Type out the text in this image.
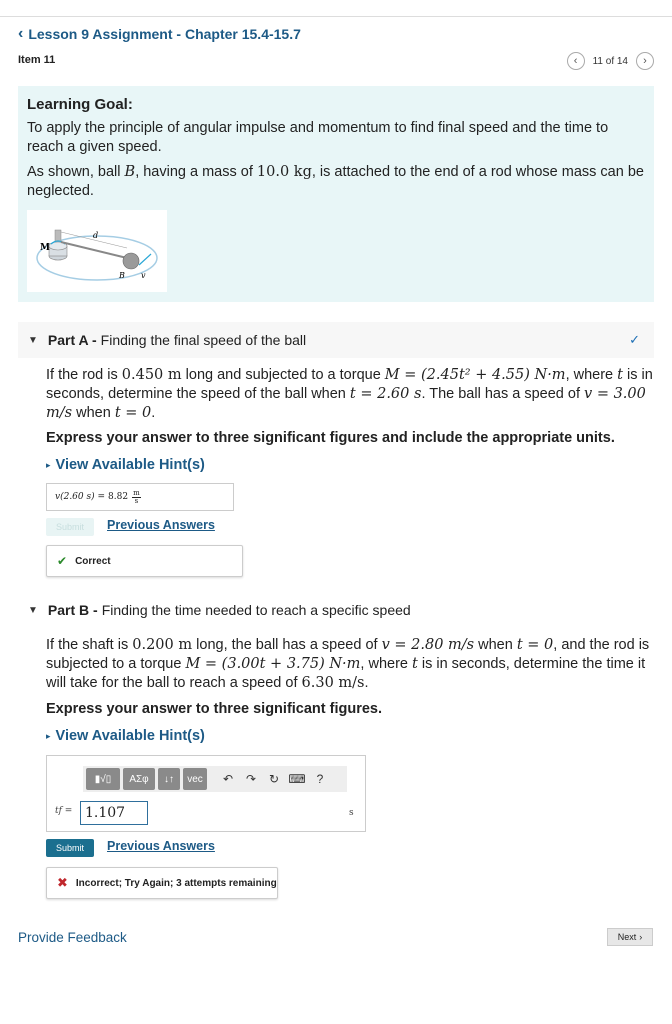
‹ Lesson 9 Assignment - Chapter 15.4-15.7
Item 11	‹	11 of 14	›
Learning Goal:

To apply the principle of angular impulse and momentum to find final speed and the time to reach a given speed.

As shown, ball B, having a mass of 10.0 kg, is attached to the end of a rod whose mass can be neglected.

M
d
B v
▼ Part A - Finding the final speed of the ball	✓
If the rod is 0.450 m long and subjected to a torque M = (2.45t² + 4.55) N·m, where t is in seconds, determine the speed of the ball when t = 2.60 s. The ball has a speed of v = 3.00 m/s when t = 0.
Express your answer to three significant figures and include the appropriate units.
▸ View Available Hint(s)
v(2.60 s) = 8.82 m
s
Submit	Previous Answers
✔ Correct
▼ Part B - Finding the time needed to reach a specific speed
If the shaft is 0.200 m long, the ball has a speed of v = 2.80 m/s when t = 0, and the rod is subjected to a torque M = (3.00t + 3.75) N·m, where t is in seconds, determine the time it will take for the ball to reach a speed of 6.30 m/s.
Express your answer to three significant figures.
▸ View Available Hint(s)
▮√▯	ΑΣφ	↓↑	vec	↶	↷	↻ ⌨ ?
tf =
1.107	s
Submit	Previous Answers
✖ Incorrect; Try Again; 3 attempts remaining
Provide Feedback	Next ›
